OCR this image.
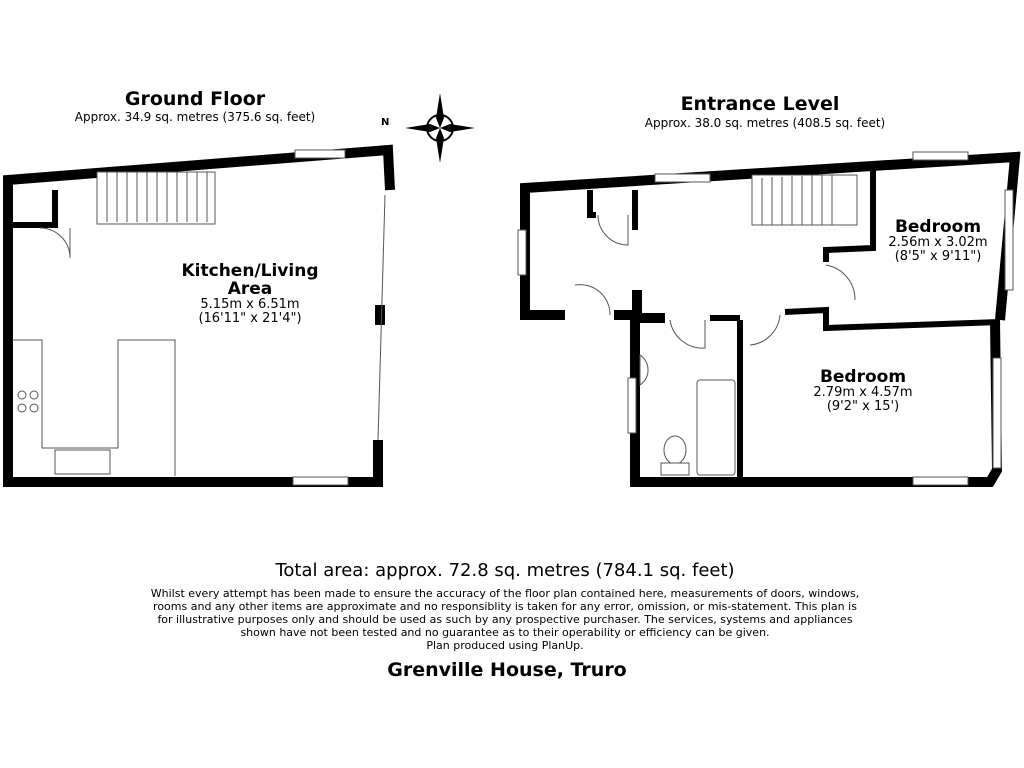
N
Ground Floor
Approx. 34.9 sq. metres (375.6 sq. feet)
Kitchen/Living
Area
5.15m x 6.51m
(16'11" x 21'4")
Entrance Level
Approx. 38.0 sq. metres (408.5 sq. feet)
Bedroom
2.56m x 3.02m
(8'5" x 9'11")
Bedroom
2.79m x 4.57m
(9'2" x 15')
Total area: approx. 72.8 sq. metres (784.1 sq. feet)
Whilst every attempt has been made to ensure the accuracy of the floor plan contained here, measurements of doors, windows,
rooms and any other items are approximate and no responsiblity is taken for any error, omission, or mis-statement. This plan is
for illustrative purposes only and should be used as such by any prospective purchaser. The services, systems and appliances
shown have not been tested and no guarantee as to their operability or efficiency can be given.
Plan produced using PlanUp.
Grenville House, Truro
